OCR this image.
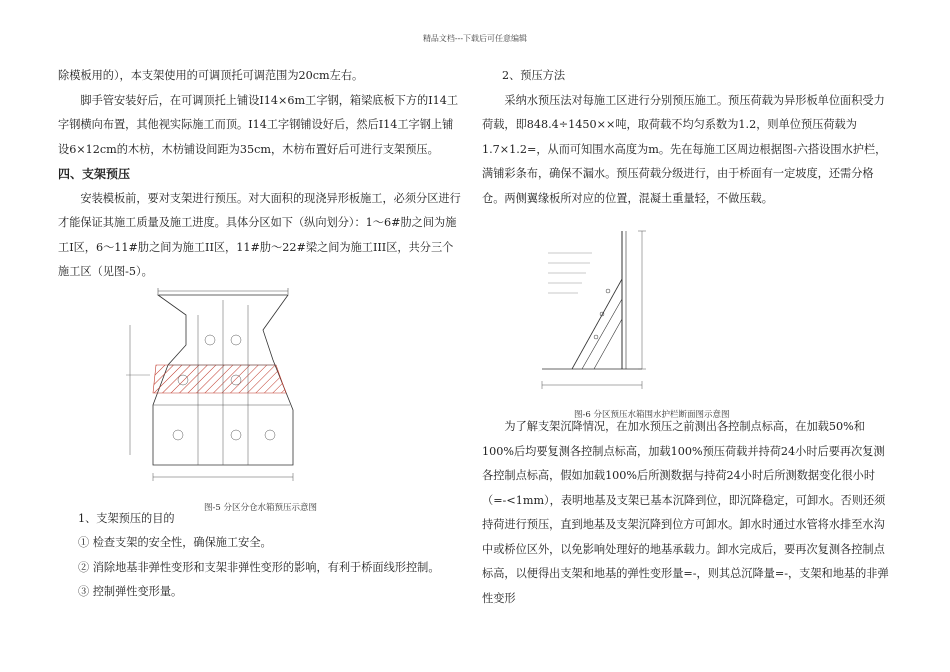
精品文档---下载后可任意编辑

除模板用的），本支架使用的可调顶托可调范围为20cm左右。

脚手管安装好后，在可调顶托上铺设I14×6m工字钢，箱梁底板下方的I14工字钢横向布置，其他视实际施工而顶。I14工字钢铺设好后，然后I14工字钢上铺设6×12cm的木枋，木枋铺设间距为35cm，木枋布置好后可进行支架预压。

四、支架预压

安装模板前，要对支架进行预压。对大面积的现浇异形板施工，必须分区进行才能保证其施工质量及施工进度。具体分区如下（纵向划分）：1～6#肋之间为施工I区，6～11#肋之间为施工II区，11#肋～22#梁之间为施工III区，共分三个施工区（见图-5）。

图-5 分区分仓水箱预压示意图

1、支架预压的目的

① 检查支架的安全性，确保施工安全。

② 消除地基非弹性变形和支架非弹性变形的影响，有利于桥面线形控制。

③ 控制弹性变形量。

2、预压方法

采纳水预压法对每施工区进行分别预压施工。预压荷载为异形板单位面积受力荷载，即848.4÷1450××吨，取荷载不均匀系数为1.2，则单位预压荷载为1.7×1.2=，从而可知围水高度为m。先在每施工区周边根据图-六搭设围水护栏，满铺彩条布，确保不漏水。预压荷载分级进行，由于桥面有一定坡度，还需分格仓。两侧翼缘板所对应的位置，混凝土重量轻，不做压载。

图-6 分区预压水箱围水护栏断面图示意图

为了解支架沉降情况，在加水预压之前测出各控制点标高，在加载50%和100%后均要复测各控制点标高，加载100%预压荷载并持荷24小时后要再次复测各控制点标高，假如加载100%后所测数据与持荷24小时后所测数据变化很小时（=-<1mm），表明地基及支架已基本沉降到位，即沉降稳定，可卸水。否则还须持荷进行预压，直到地基及支架沉降到位方可卸水。卸水时通过水管将水排至水沟中或桥位区外，以免影响处理好的地基承载力。卸水完成后，要再次复测各控制点标高，以便得出支架和地基的弹性变形量=-，则其总沉降量=-，支架和地基的非弹性变形
